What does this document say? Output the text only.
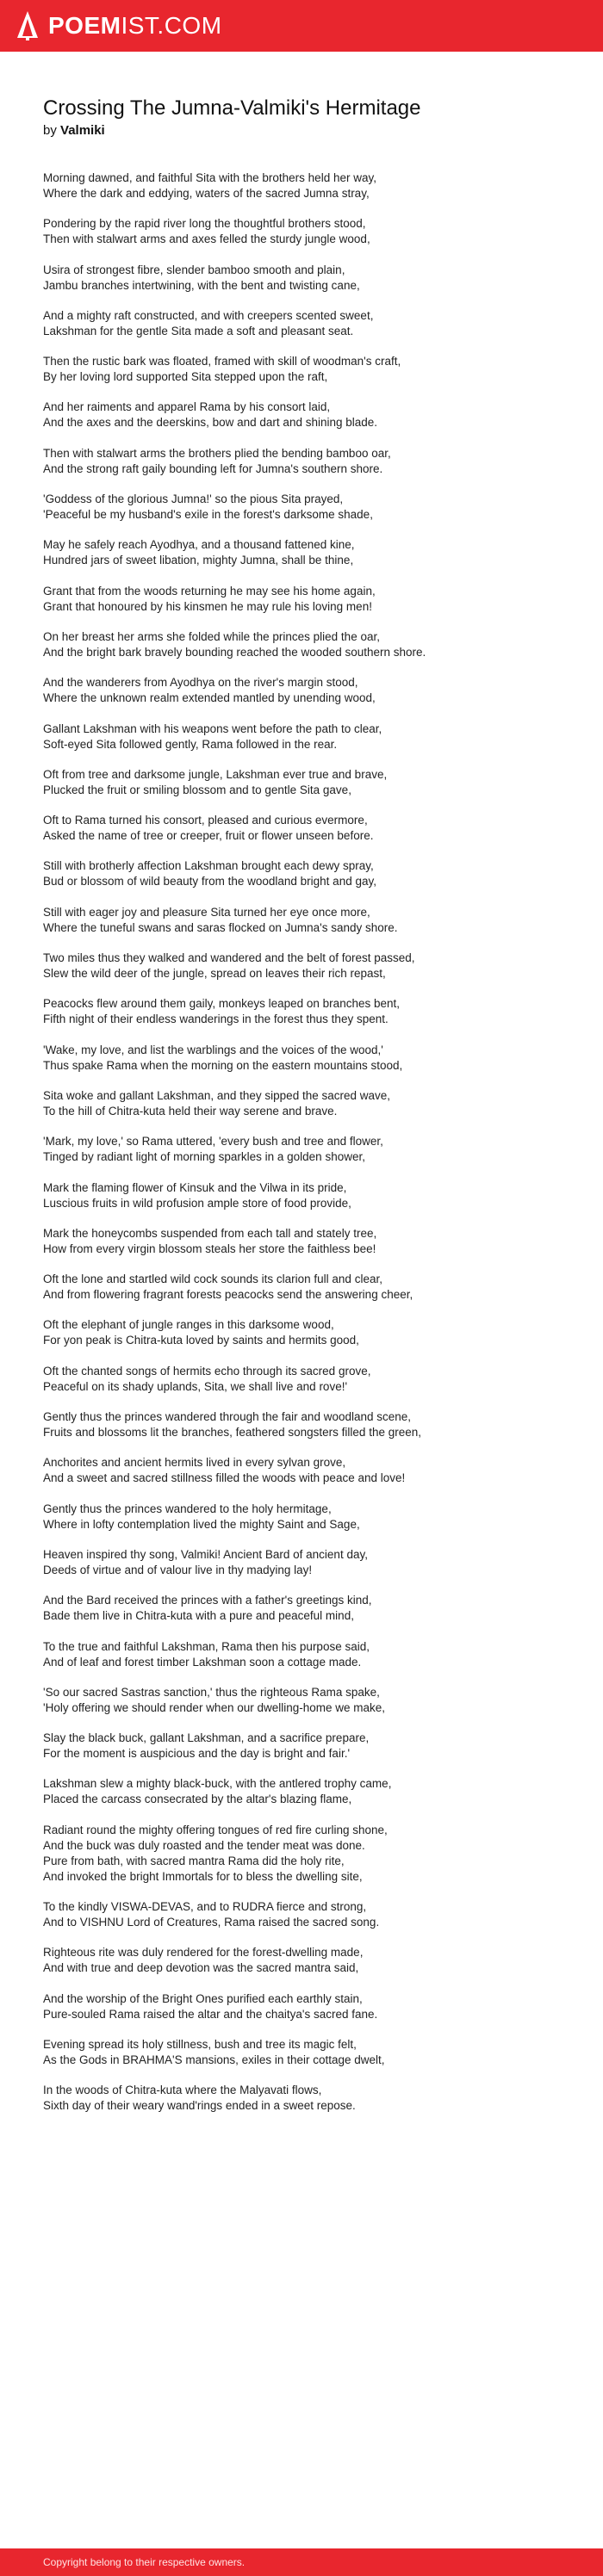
POEMIST.COM
Crossing The Jumna-Valmiki's Hermitage
by Valmiki
Morning dawned, and faithful Sita with the brothers held her way,
Where the dark and eddying, waters of the sacred Jumna stray,
Pondering by the rapid river long the thoughtful brothers stood,
Then with stalwart arms and axes felled the sturdy jungle wood,
Usira of strongest fibre, slender bamboo smooth and plain,
Jambu branches intertwining, with the bent and twisting cane,
And a mighty raft constructed, and with creepers scented sweet,
Lakshman for the gentle Sita made a soft and pleasant seat.
Then the rustic bark was floated, framed with skill of woodman's craft,
By her loving lord supported Sita stepped upon the raft,
And her raiments and apparel Rama by his consort laid,
And the axes and the deerskins, bow and dart and shining blade.
Then with stalwart arms the brothers plied the bending bamboo oar,
And the strong raft gaily bounding left for Jumna's southern shore.
'Goddess of the glorious Jumna!' so the pious Sita prayed,
'Peaceful be my husband's exile in the forest's darksome shade,
May he safely reach Ayodhya, and a thousand fattened kine,
Hundred jars of sweet libation, mighty Jumna, shall be thine,
Grant that from the woods returning he may see his home again,
Grant that honoured by his kinsmen he may rule his loving men!
On her breast her arms she folded while the princes plied the oar,
And the bright bark bravely bounding reached the wooded southern shore.
And the wanderers from Ayodhya on the river's margin stood,
Where the unknown realm extended mantled by unending wood,
Gallant Lakshman with his weapons went before the path to clear,
Soft-eyed Sita followed gently, Rama followed in the rear.
Oft from tree and darksome jungle, Lakshman ever true and brave,
Plucked the fruit or smiling blossom and to gentle Sita gave,
Oft to Rama turned his consort, pleased and curious evermore,
Asked the name of tree or creeper, fruit or flower unseen before.
Still with brotherly affection Lakshman brought each dewy spray,
Bud or blossom of wild beauty from the woodland bright and gay,
Still with eager joy and pleasure Sita turned her eye once more,
Where the tuneful swans and saras flocked on Jumna's sandy shore.
Two miles thus they walked and wandered and the belt of forest passed,
Slew the wild deer of the jungle, spread on leaves their rich repast,
Peacocks flew around them gaily, monkeys leaped on branches bent,
Fifth night of their endless wanderings in the forest thus they spent.
'Wake, my love, and list the warblings and the voices of the wood,'
Thus spake Rama when the morning on the eastern mountains stood,
Sita woke and gallant Lakshman, and they sipped the sacred wave,
To the hill of Chitra-kuta held their way serene and brave.
'Mark, my love,' so Rama uttered, 'every bush and tree and flower,
Tinged by radiant light of morning sparkles in a golden shower,
Mark the flaming flower of Kinsuk and the Vilwa in its pride,
Luscious fruits in wild profusion ample store of food provide,
Mark the honeycombs suspended from each tall and stately tree,
How from every virgin blossom steals her store the faithless bee!
Oft the lone and startled wild cock sounds its clarion full and clear,
And from flowering fragrant forests peacocks send the answering cheer,
Oft the elephant of jungle ranges in this darksome wood,
For yon peak is Chitra-kuta loved by saints and hermits good,
Oft the chanted songs of hermits echo through its sacred grove,
Peaceful on its shady uplands, Sita, we shall live and rove!'
Gently thus the princes wandered through the fair and woodland scene,
Fruits and blossoms lit the branches, feathered songsters filled the green,
Anchorites and ancient hermits lived in every sylvan grove,
And a sweet and sacred stillness filled the woods with peace and love!
Gently thus the princes wandered to the holy hermitage,
Where in lofty contemplation lived the mighty Saint and Sage,
Heaven inspired thy song, Valmiki! Ancient Bard of ancient day,
Deeds of virtue and of valour live in thy madying lay!
And the Bard received the princes with a father's greetings kind,
Bade them live in Chitra-kuta with a pure and peaceful mind,
To the true and faithful Lakshman, Rama then his purpose said,
And of leaf and forest timber Lakshman soon a cottage made.
'So our sacred Sastras sanction,' thus the righteous Rama spake,
'Holy offering we should render when our dwelling-home we make,
Slay the black buck, gallant Lakshman, and a sacrifice prepare,
For the moment is auspicious and the day is bright and fair.'
Lakshman slew a mighty black-buck, with the antlered trophy came,
Placed the carcass consecrated by the altar's blazing flame,
Radiant round the mighty offering tongues of red fire curling shone,
And the buck was duly roasted and the tender meat was done.
Pure from bath, with sacred mantra Rama did the holy rite,
And invoked the bright Immortals for to bless the dwelling site,
To the kindly VISWA-DEVAS, and to RUDRA fierce and strong,
And to VISHNU Lord of Creatures, Rama raised the sacred song.
Righteous rite was duly rendered for the forest-dwelling made,
And with true and deep devotion was the sacred mantra said,
And the worship of the Bright Ones purified each earthly stain,
Pure-souled Rama raised the altar and the chaitya's sacred fane.
Evening spread its holy stillness, bush and tree its magic felt,
As the Gods in BRAHMA'S mansions, exiles in their cottage dwelt,
In the woods of Chitra-kuta where the Malyavati flows,
Sixth day of their weary wand'rings ended in a sweet repose.
Copyright belong to their respective owners.
